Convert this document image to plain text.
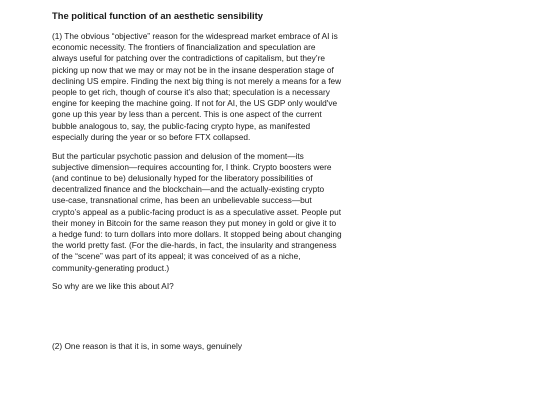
The political function of an aesthetic sensibility

(1) The obvious “objective” reason for the widespread market embrace of AI is economic necessity. The frontiers of financialization and speculation are always useful for patching over the contradictions of capitalism, but they’re picking up now that we may or may not be in the insane desperation stage of declining US empire. Finding the next big thing is not merely a means for a few people to get rich, though of course it’s also that; speculation is a necessary engine for keeping the machine going. If not for AI, the US GDP only would've gone up this year by less than a percent. This is one aspect of the current bubble analogous to, say, the public-facing crypto hype, as manifested especially during the year or so before FTX collapsed.

But the particular psychotic passion and delusion of the moment—its subjective dimension—requires accounting for, I think. Crypto boosters were (and continue to be) delusionally hyped for the liberatory possibilities of decentralized finance and the blockchain—and the actually-existing crypto use-case, transnational crime, has been an unbelievable success—but crypto’s appeal as a public-facing product is as a speculative asset. People put their money in Bitcoin for the same reason they put money in gold or give it to a hedge fund: to turn dollars into more dollars. It stopped being about changing the world pretty fast. (For the die-hards, in fact, the insularity and strangeness of the “scene” was part of its appeal; it was conceived of as a niche, community-generating product.)

So why are we like this about AI?

(2) One reason is that it is, in some ways, genuinely
